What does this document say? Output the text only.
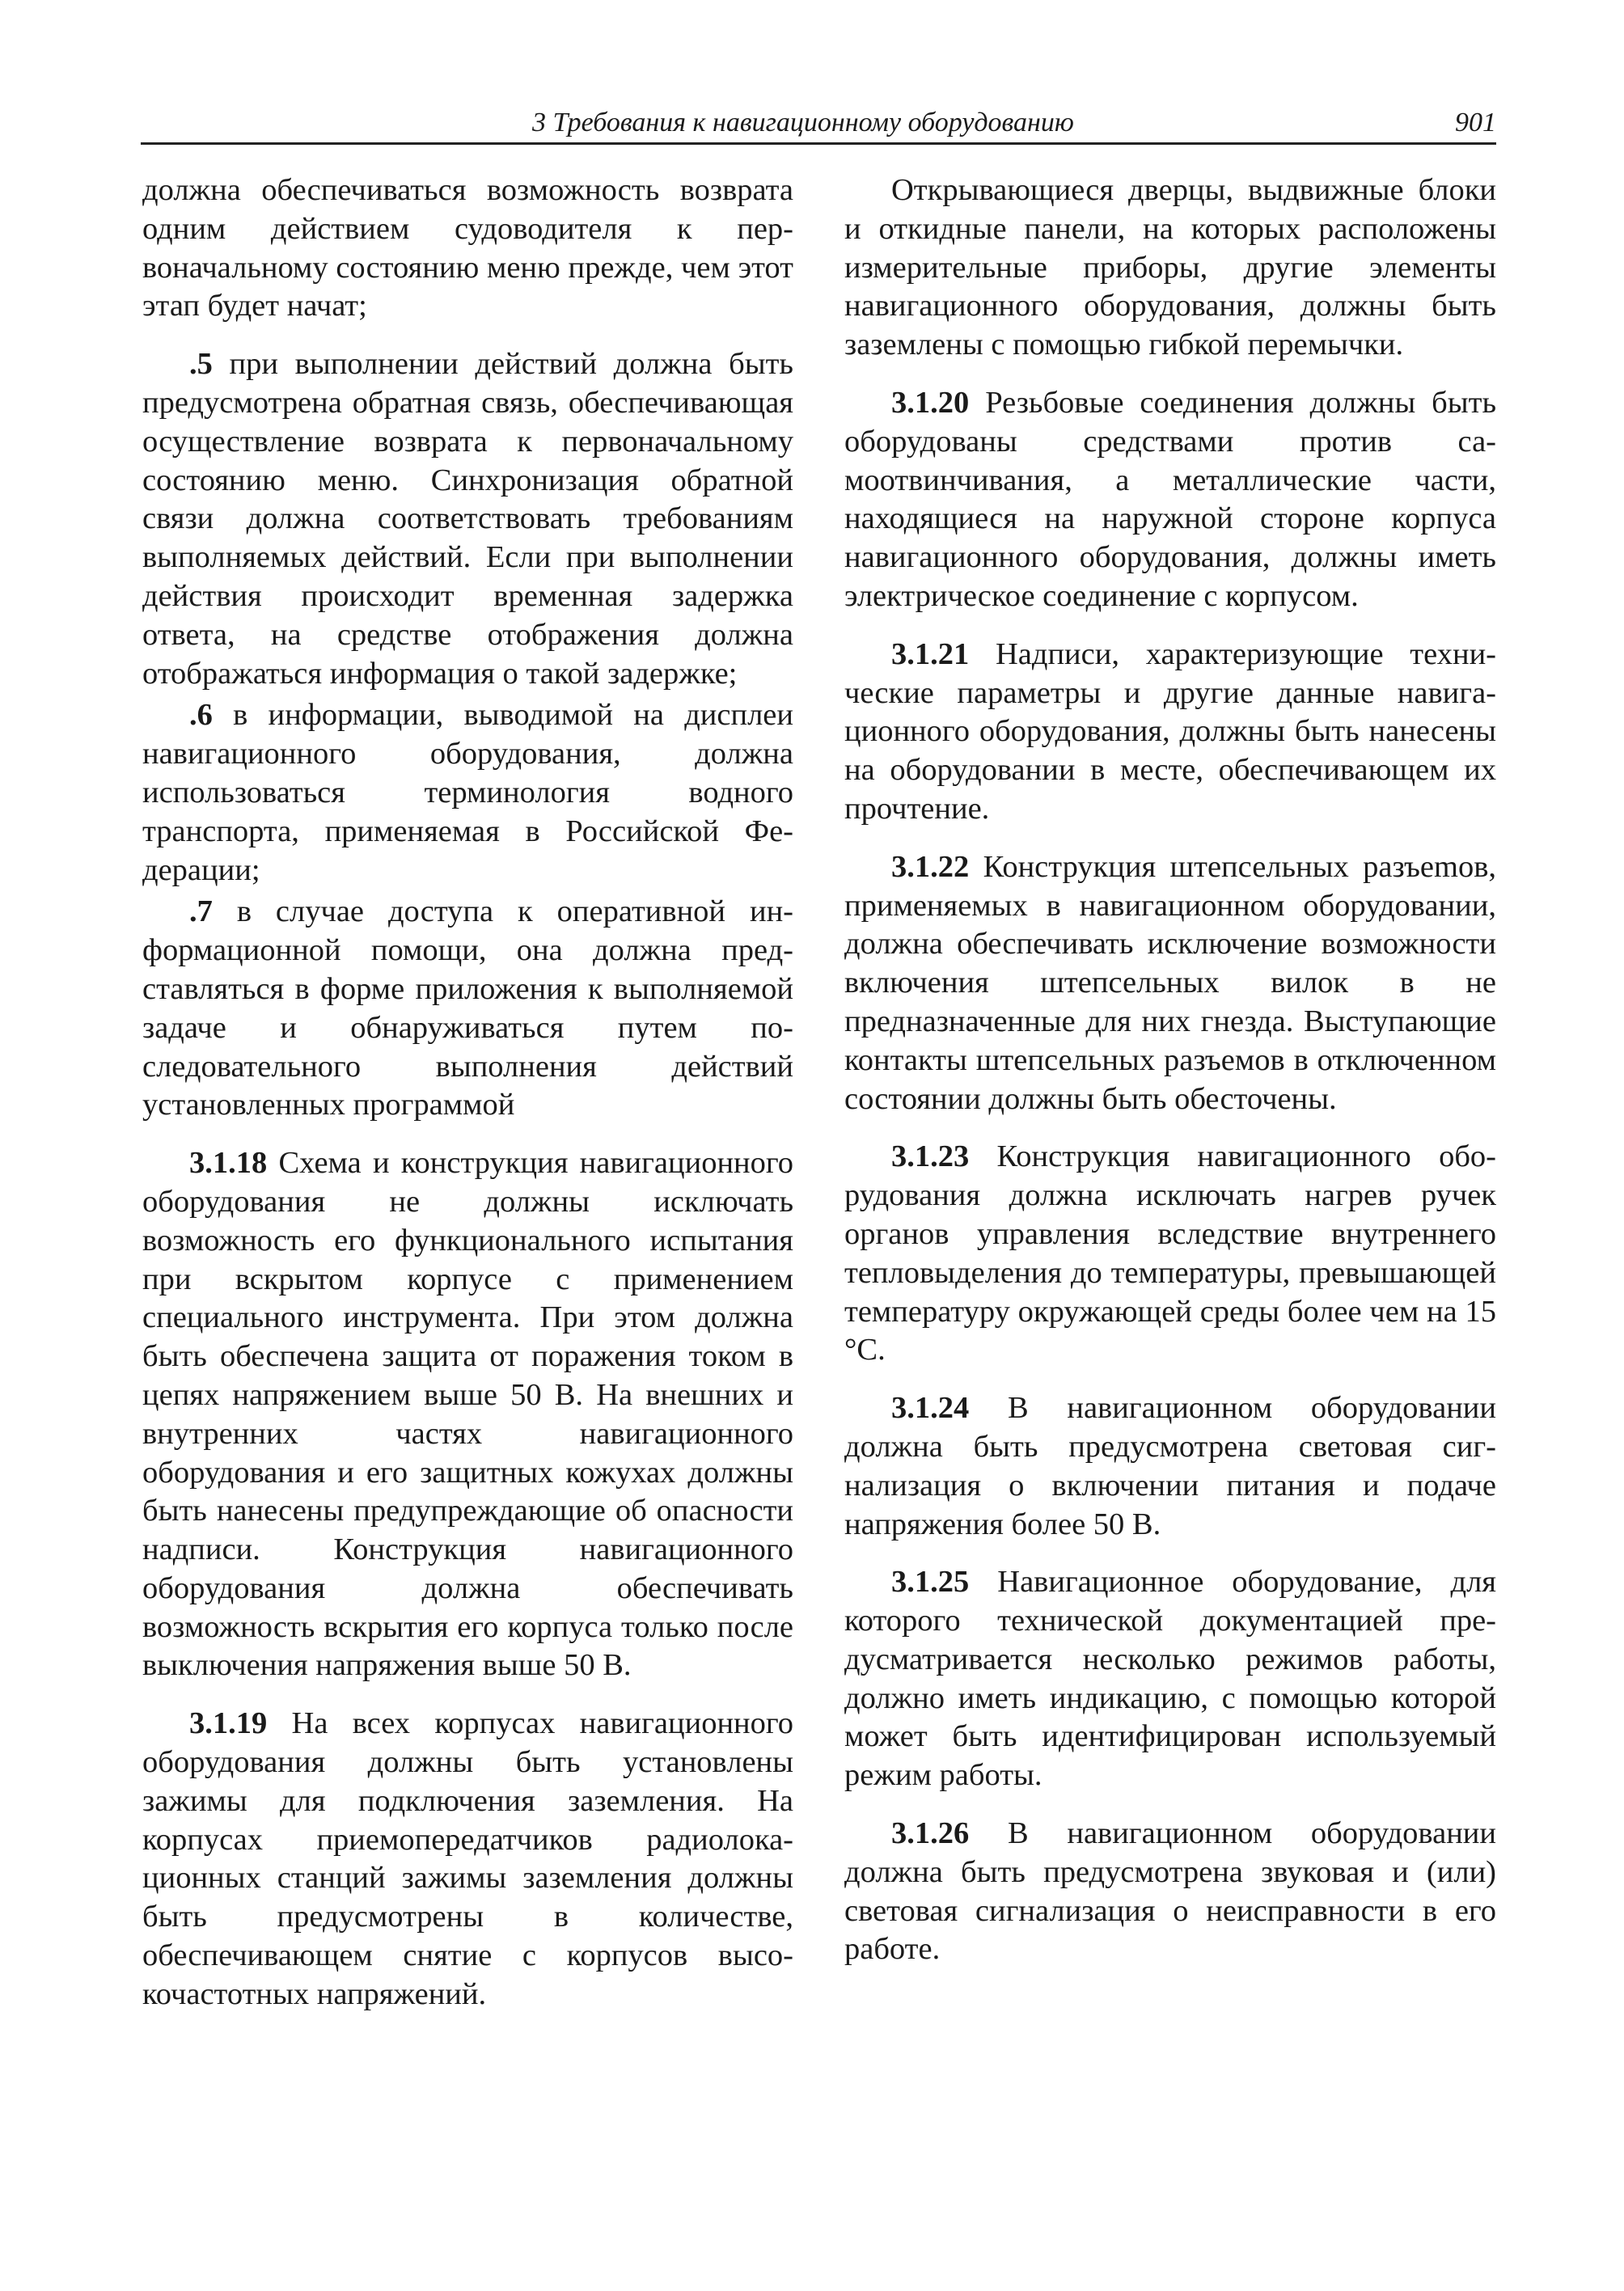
3 Требования к навигационному оборудованию	901

должна обеспечиваться возможность возврата одним действием судоводителя к первоначальному состоянию меню прежде, чем этот этап будет начат;

.5 при выполнении действий должна быть предусмотрена обратная связь, обеспечивающая осуществление возврата к первоначальному состоянию меню. Синхронизация обратной связи должна соответствовать требованиям выполняемых действий. Если при выполнении действия происходит временная задержка ответа, на средстве отображения должна отображаться информация о такой задержке;

.6 в информации, выводимой на дисплеи навигационного оборудования, должна использоваться терминология водного транспорта, применяемая в Российской Федерации;

.7 в случае доступа к оперативной информационной помощи, она должна представляться в форме приложения к выполняемой задаче и обнаруживаться путем последовательного выполнения действий установленных программой

3.1.18 Схема и конструкция навигационного оборудования не должны исключать возможность его функционального испытания при вскрытом корпусе с применением специального инструмента. При этом должна быть обеспечена защита от поражения током в цепях напряжением выше 50 В. На внешних и внутренних частях навигационного оборудования и его защитных кожухах должны быть нанесены предупреждающие об опасности надписи. Конструкция навигационного оборудования должна обеспечивать возможность вскрытия его корпуса только после выключения напряжения выше 50 В.

3.1.19 На всех корпусах навигационного оборудования должны быть установлены зажимы для подключения заземления. На корпусах приемопередатчиков радиолокационных станций зажимы заземления должны быть предусмотрены в количестве, обеспечивающем снятие с корпусов высокочастотных напряжений.

Открывающиеся дверцы, выдвижные блоки и откидные панели, на которых расположены измерительные приборы, другие элементы навигационного оборудования, должны быть заземлены с помощью гибкой перемычки.

3.1.20 Резьбовые соединения должны быть оборудованы средствами против самоотвинчивания, а металлические части, находящиеся на наружной стороне корпуса навигационного оборудования, должны иметь электрическое соединение с корпусом.

3.1.21 Надписи, характеризующие технические параметры и другие данные навигационного оборудования, должны быть нанесены на оборудовании в месте, обеспечивающем их прочтение.

3.1.22 Конструкция штепсельных разъеmов, применяемых в навигационном оборудовании, должна обеспечивать исключение возможности включения штепсельных вилок в не предназначенные для них гнезда. Выступающие контакты штепсельных разъемов в отключенном состоянии должны быть обесточены.

3.1.23 Конструкция навигационного оборудования должна исключать нагрев ручек органов управления вследствие внутреннего тепловыделения до температуры, превышающей температуру окружающей среды более чем на 15 °С.

3.1.24 В навигационном оборудовании должна быть предусмотрена световая сигнализация о включении питания и подаче напряжения более 50 В.

3.1.25 Навигационное оборудование, для которого технической документацией предусматривается несколько режимов работы, должно иметь индикацию, с помощью которой может быть идентифицирован используемый режим работы.

3.1.26 В навигационном оборудовании должна быть предусмотрена звуковая и (или) световая сигнализация о неисправности в его работе.
